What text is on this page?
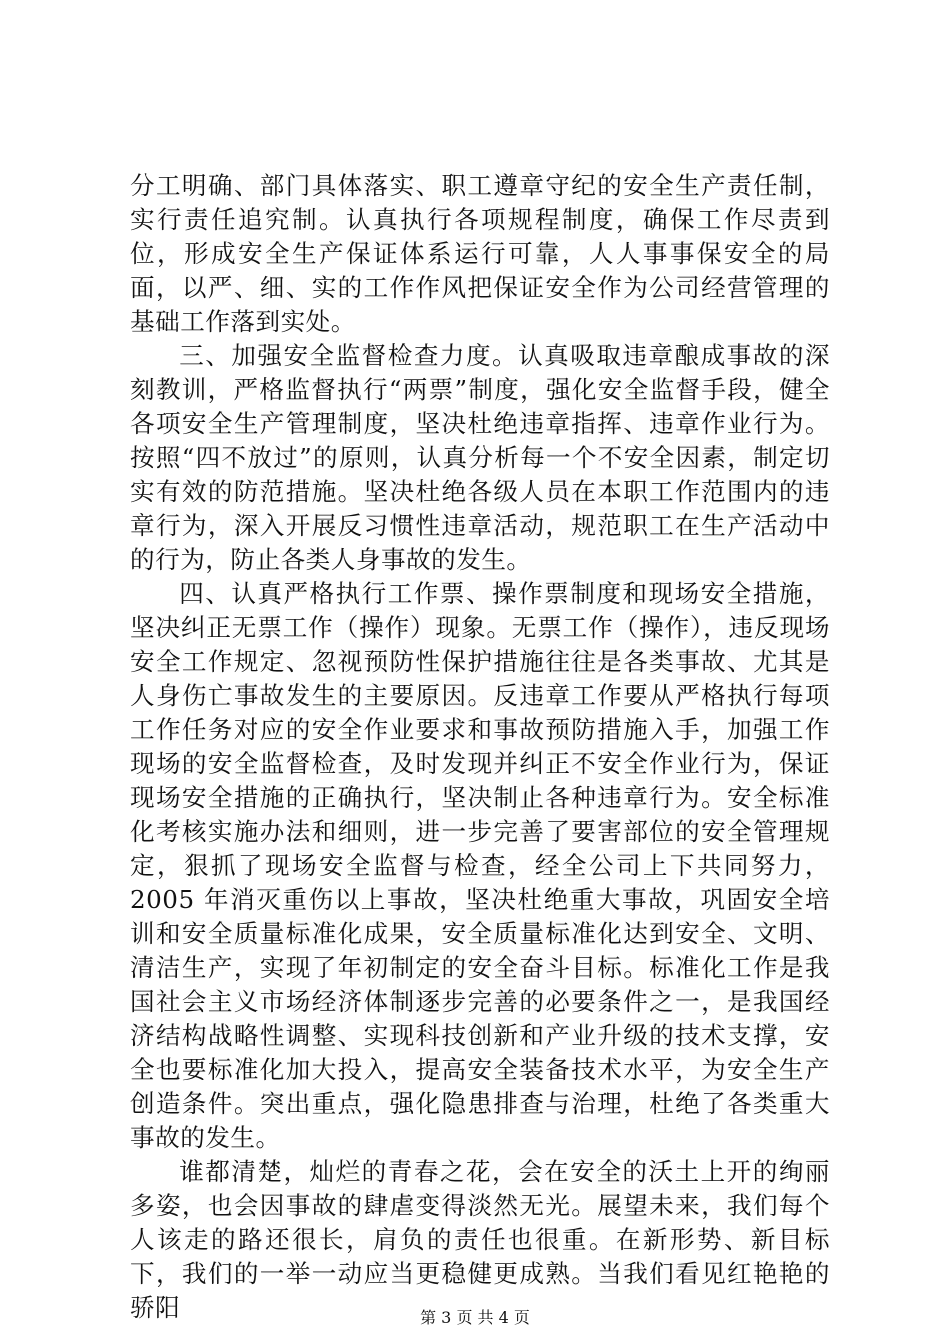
分工明确、部门具体落实、职工遵章守纪的安全生产责任制，实行责任追究制。认真执行各项规程制度，确保工作尽责到位，形成安全生产保证体系运行可靠，人人事事保安全的局面，以严、细、实的工作作风把保证安全作为公司经营管理的基础工作落到实处。

三、加强安全监督检查力度。认真吸取违章酿成事故的深刻教训，严格监督执行“两票”制度，强化安全监督手段，健全各项安全生产管理制度，坚决杜绝违章指挥、违章作业行为。按照“四不放过”的原则，认真分析每一个不安全因素，制定切实有效的防范措施。坚决杜绝各级人员在本职工作范围内的违章行为，深入开展反习惯性违章活动，规范职工在生产活动中的行为，防止各类人身事故的发生。

四、认真严格执行工作票、操作票制度和现场安全措施，坚决纠正无票工作（操作）现象。无票工作（操作），违反现场安全工作规定、忽视预防性保护措施往往是各类事故、尤其是人身伤亡事故发生的主要原因。反违章工作要从严格执行每项工作任务对应的安全作业要求和事故预防措施入手，加强工作现场的安全监督检查，及时发现并纠正不安全作业行为，保证现场安全措施的正确执行，坚决制止各种违章行为。安全标准化考核实施办法和细则，进一步完善了要害部位的安全管理规定，狠抓了现场安全监督与检查，经全公司上下共同努力，2005 年消灭重伤以上事故，坚决杜绝重大事故，巩固安全培训和安全质量标准化成果，安全质量标准化达到安全、文明、清洁生产，实现了年初制定的安全奋斗目标。标准化工作是我国社会主义市场经济体制逐步完善的必要条件之一，是我国经济结构战略性调整、实现科技创新和产业升级的技术支撑，安全也要标准化加大投入，提高安全装备技术水平，为安全生产创造条件。突出重点，强化隐患排查与治理，杜绝了各类重大事故的发生。

谁都清楚，灿烂的青春之花，会在安全的沃土上开的绚丽多姿，也会因事故的肆虐变得淡然无光。展望未来，我们每个人该走的路还很长，肩负的责任也很重。在新形势、新目标下，我们的一举一动应当更稳健更成熟。当我们看见红艳艳的骄阳	第 3 页 共 4 页
